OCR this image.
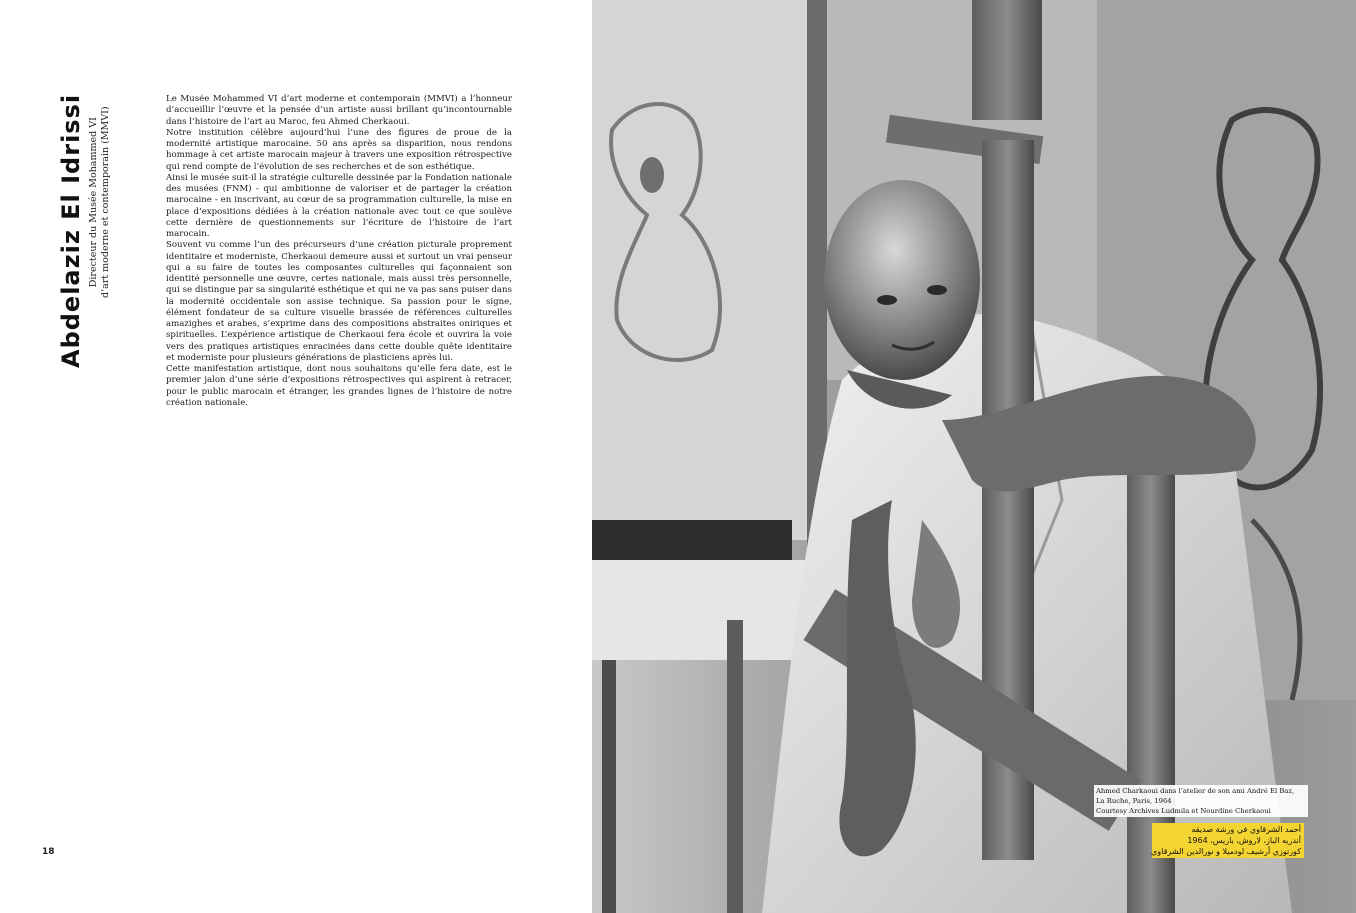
Abdelaziz El Idrissi Directeur du Musée Mohammed VI d’art moderne et contemporain (MMVI)

Le Musée Mohammed VI d’art moderne et contemporain (MMVI) a l’honneur d’accueillir l’œuvre et la pensée d’un artiste aussi brillant qu’incontournable dans l’histoire de l’art au Maroc, feu Ahmed Cherkaoui.

Notre institution célèbre aujourd’hui l’une des figures de proue de la modernité artistique marocaine. 50 ans après sa disparition, nous rendons hommage à cet artiste marocain majeur à travers une exposition rétrospective qui rend compte de l’évolution de ses recherches et de son esthétique.

Ainsi le musée suit-il la stratégie culturelle dessinée par la Fondation nationale des musées (FNM) - qui ambitionne de valoriser et de partager la création marocaine - en inscrivant, au cœur de sa programmation culturelle, la mise en place d’expositions dédiées à la création nationale avec tout ce que soulève cette dernière de questionnements sur l’écriture de l’histoire de l’art marocain.

Souvent vu comme l’un des précurseurs d’une création picturale proprement identitaire et moderniste, Cherkaoui demeure aussi et surtout un vrai penseur qui a su faire de toutes les composantes culturelles qui façonnaient son identité personnelle une œuvre, certes nationale, mais aussi très personnelle, qui se distingue par sa singularité esthétique et qui ne va pas sans puiser dans la modernité occidentale son assise technique. Sa passion pour le signe, élément fondateur de sa culture visuelle brassée de références culturelles amazighes et arabes, s’exprime dans des compositions abstraites oniriques et spirituelles. L’expérience artistique de Cherkaoui fera école et ouvrira la voie vers des pratiques artistiques enracinées dans cette double quête identitaire et moderniste pour plusieurs générations de plasticiens après lui.

Cette manifestation artistique, dont nous souhaitons qu’elle fera date, est le premier jalon d’une série d’expositions rétrospectives qui aspirent à retracer, pour le public marocain et étranger, les grandes lignes de l’histoire de notre création nationale.

18
Ahmed Charkaoui dans l’atelier de son ami André El Baz,
La Ruche, Paris, 1964
Courtesy Archives Ludmila et Nourdine Cherkaoui
أحمد الشرقاوي في ورشة صديقه
أندريه الباز، لاروش، باريس، 1964
كورتوزي أرشيف لودميلا و نورالدين الشرقاوي
